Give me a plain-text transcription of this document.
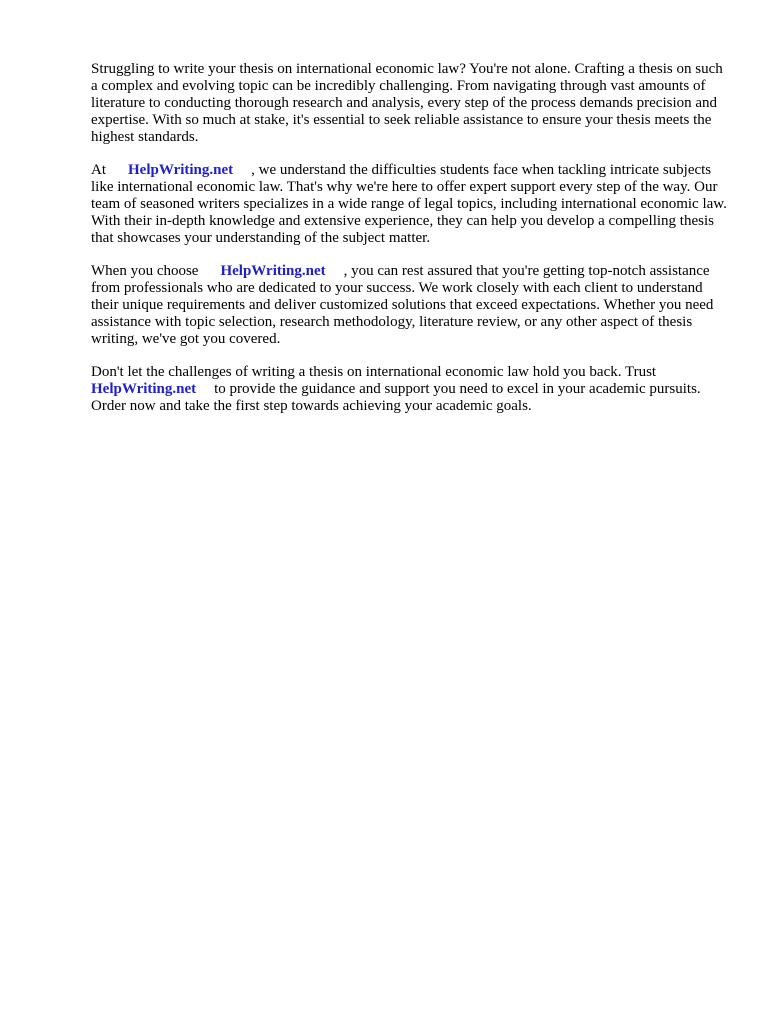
Struggling to write your thesis on international economic law? You're not alone. Crafting a thesis on such a complex and evolving topic can be incredibly challenging. From navigating through vast amounts of literature to conducting thorough research and analysis, every step of the process demands precision and expertise. With so much at stake, it's essential to seek reliable assistance to ensure your thesis meets the highest standards.

At HelpWriting.net , we understand the difficulties students face when tackling intricate subjects like international economic law. That's why we're here to offer expert support every step of the way. Our team of seasoned writers specializes in a wide range of legal topics, including international economic law. With their in-depth knowledge and extensive experience, they can help you develop a compelling thesis that showcases your understanding of the subject matter.

When you choose HelpWriting.net , you can rest assured that you're getting top-notch assistance from professionals who are dedicated to your success. We work closely with each client to understand their unique requirements and deliver customized solutions that exceed expectations. Whether you need assistance with topic selection, research methodology, literature review, or any other aspect of thesis writing, we've got you covered.

Don't let the challenges of writing a thesis on international economic law hold you back. Trust HelpWriting.net to provide the guidance and support you need to excel in your academic pursuits. Order now and take the first step towards achieving your academic goals.
